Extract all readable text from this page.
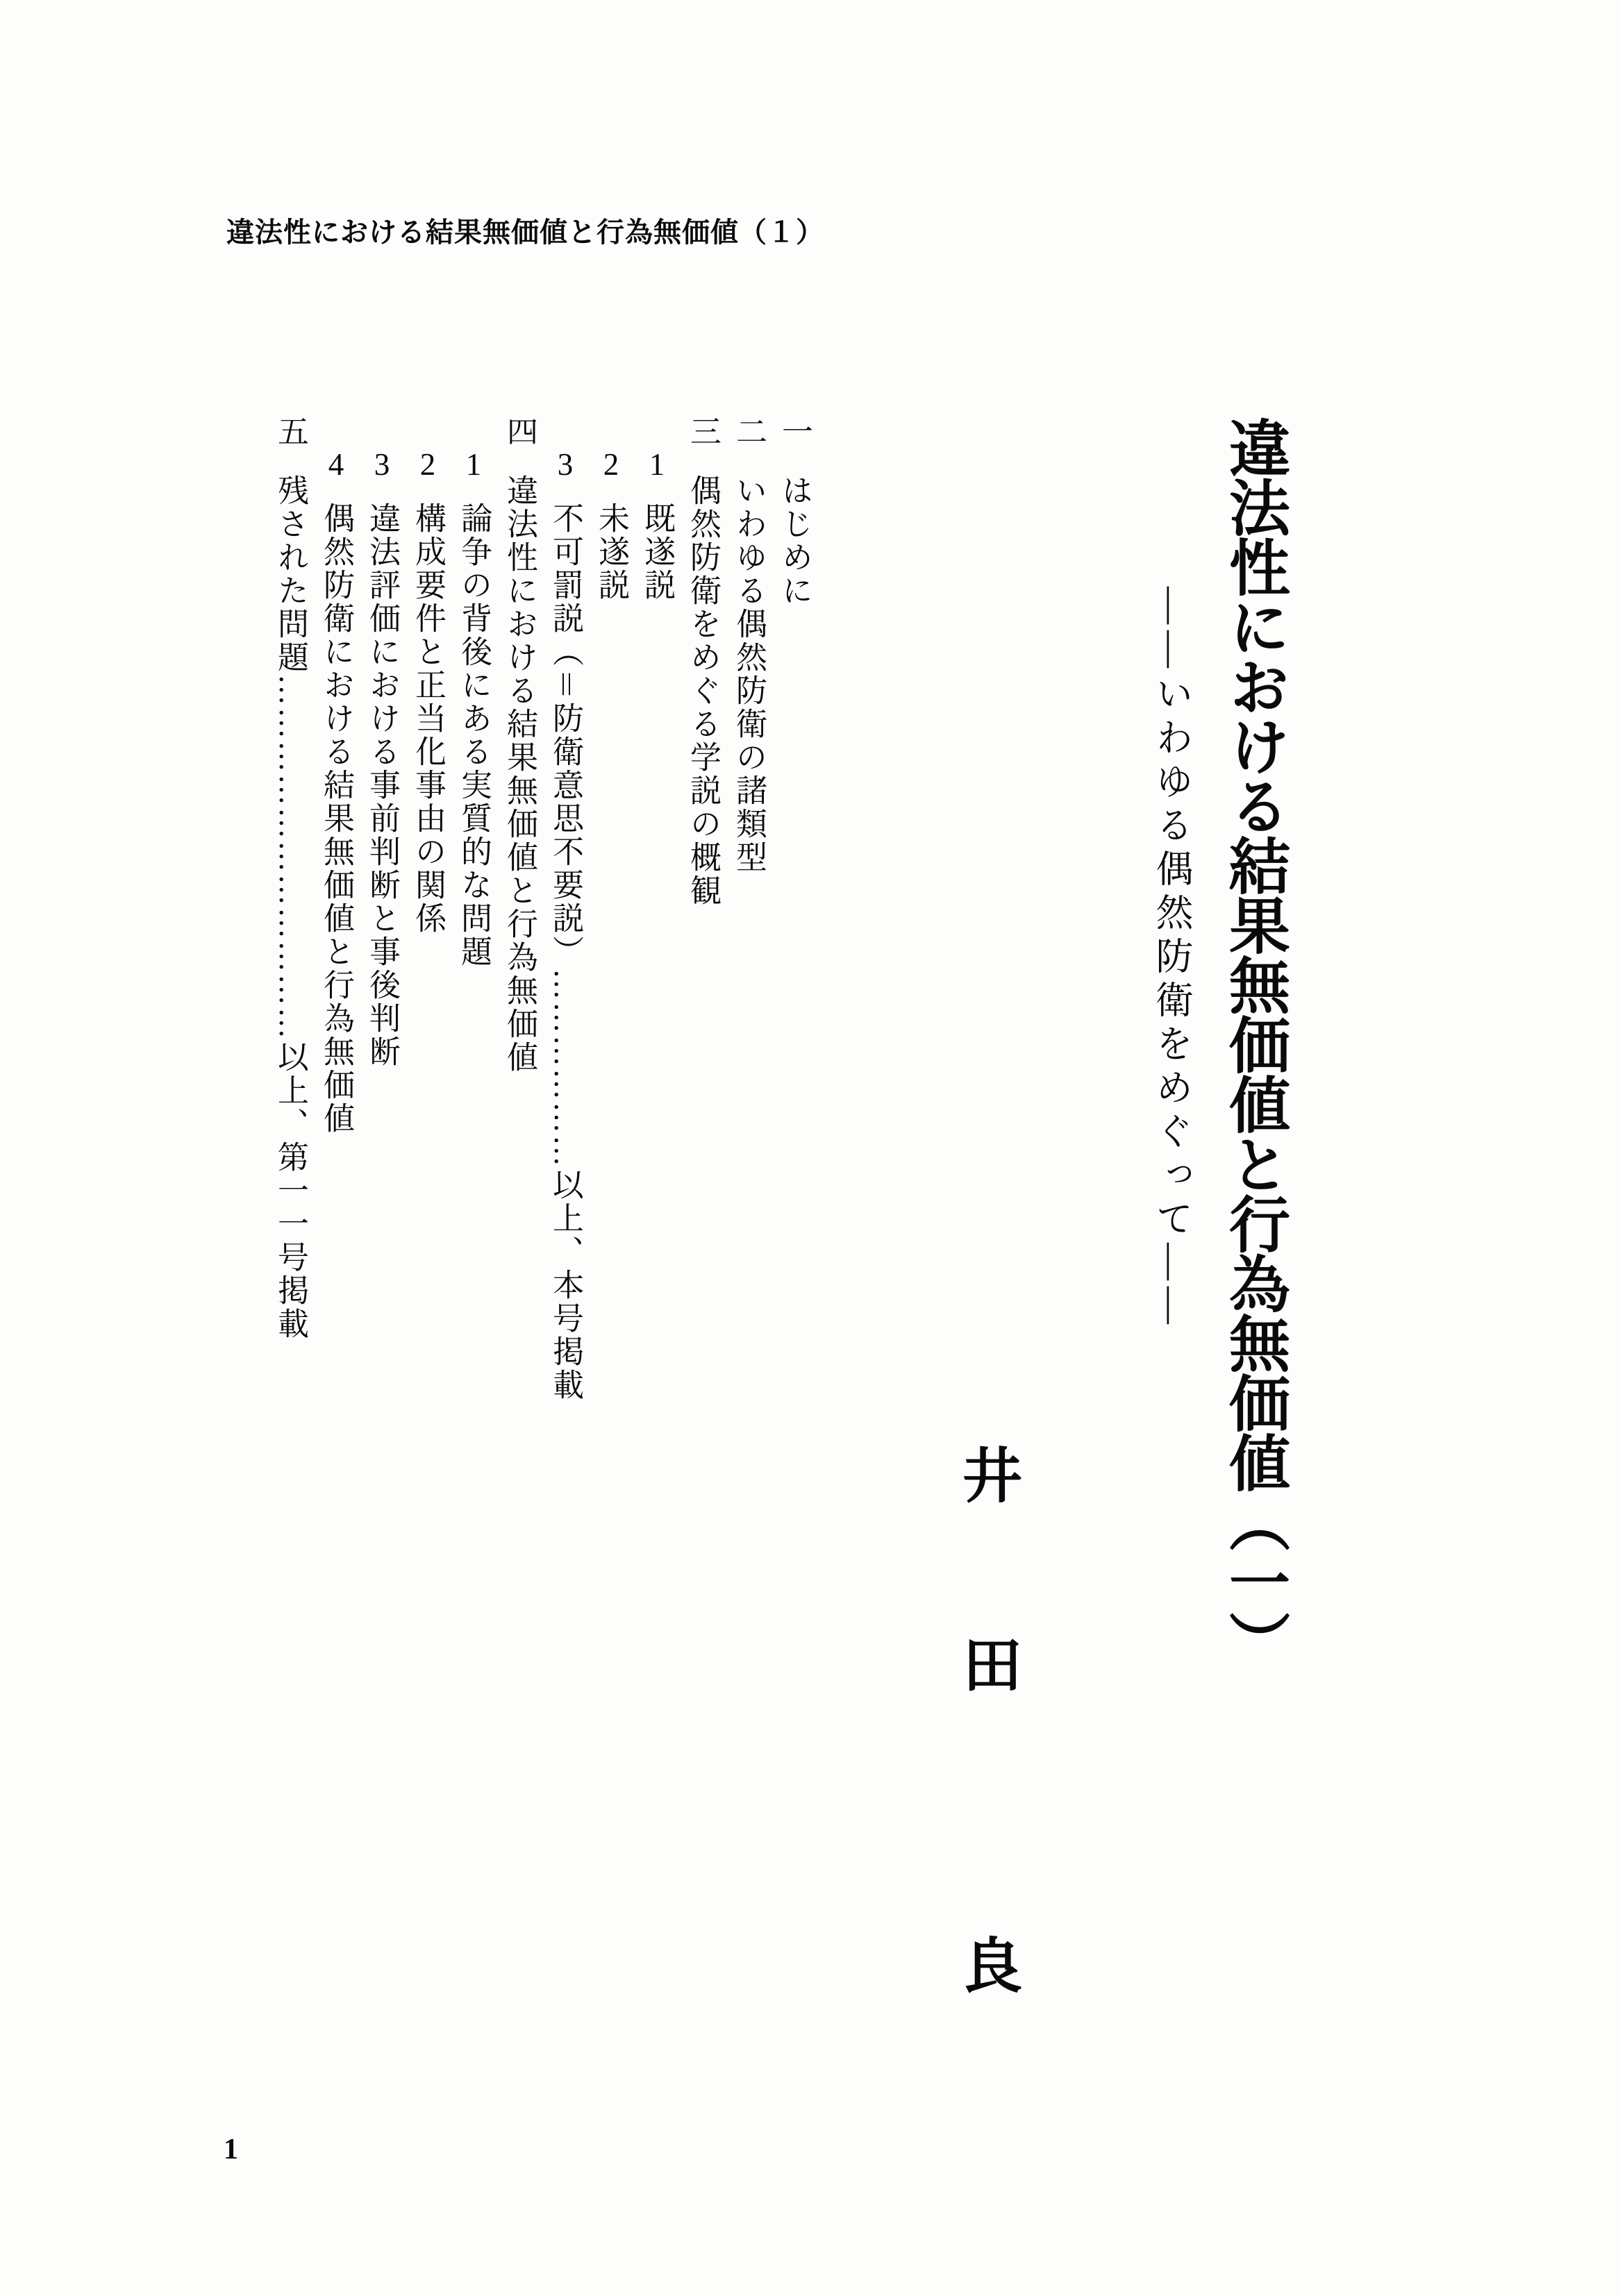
違法性における結果無価値と行為無価値（１）
違法性における結果無価値と行為無価値（一）
――いわゆる偶然防衛をめぐって――
井田良
一はじめに
二いわゆる偶然防衛の諸類型
三偶然防衛をめぐる学説の概観
1既遂説
2未遂説
3不可罰説（＝防衛意思不要説）………………以上、本号掲載
四違法性における結果無価値と行為無価値
1論争の背後にある実質的な問題
2構成要件と正当化事由の関係
3違法評価における事前判断と事後判断
4偶然防衛における結果無価値と行為無価値
五残された問題……………………………以上、第一一号掲載
1
